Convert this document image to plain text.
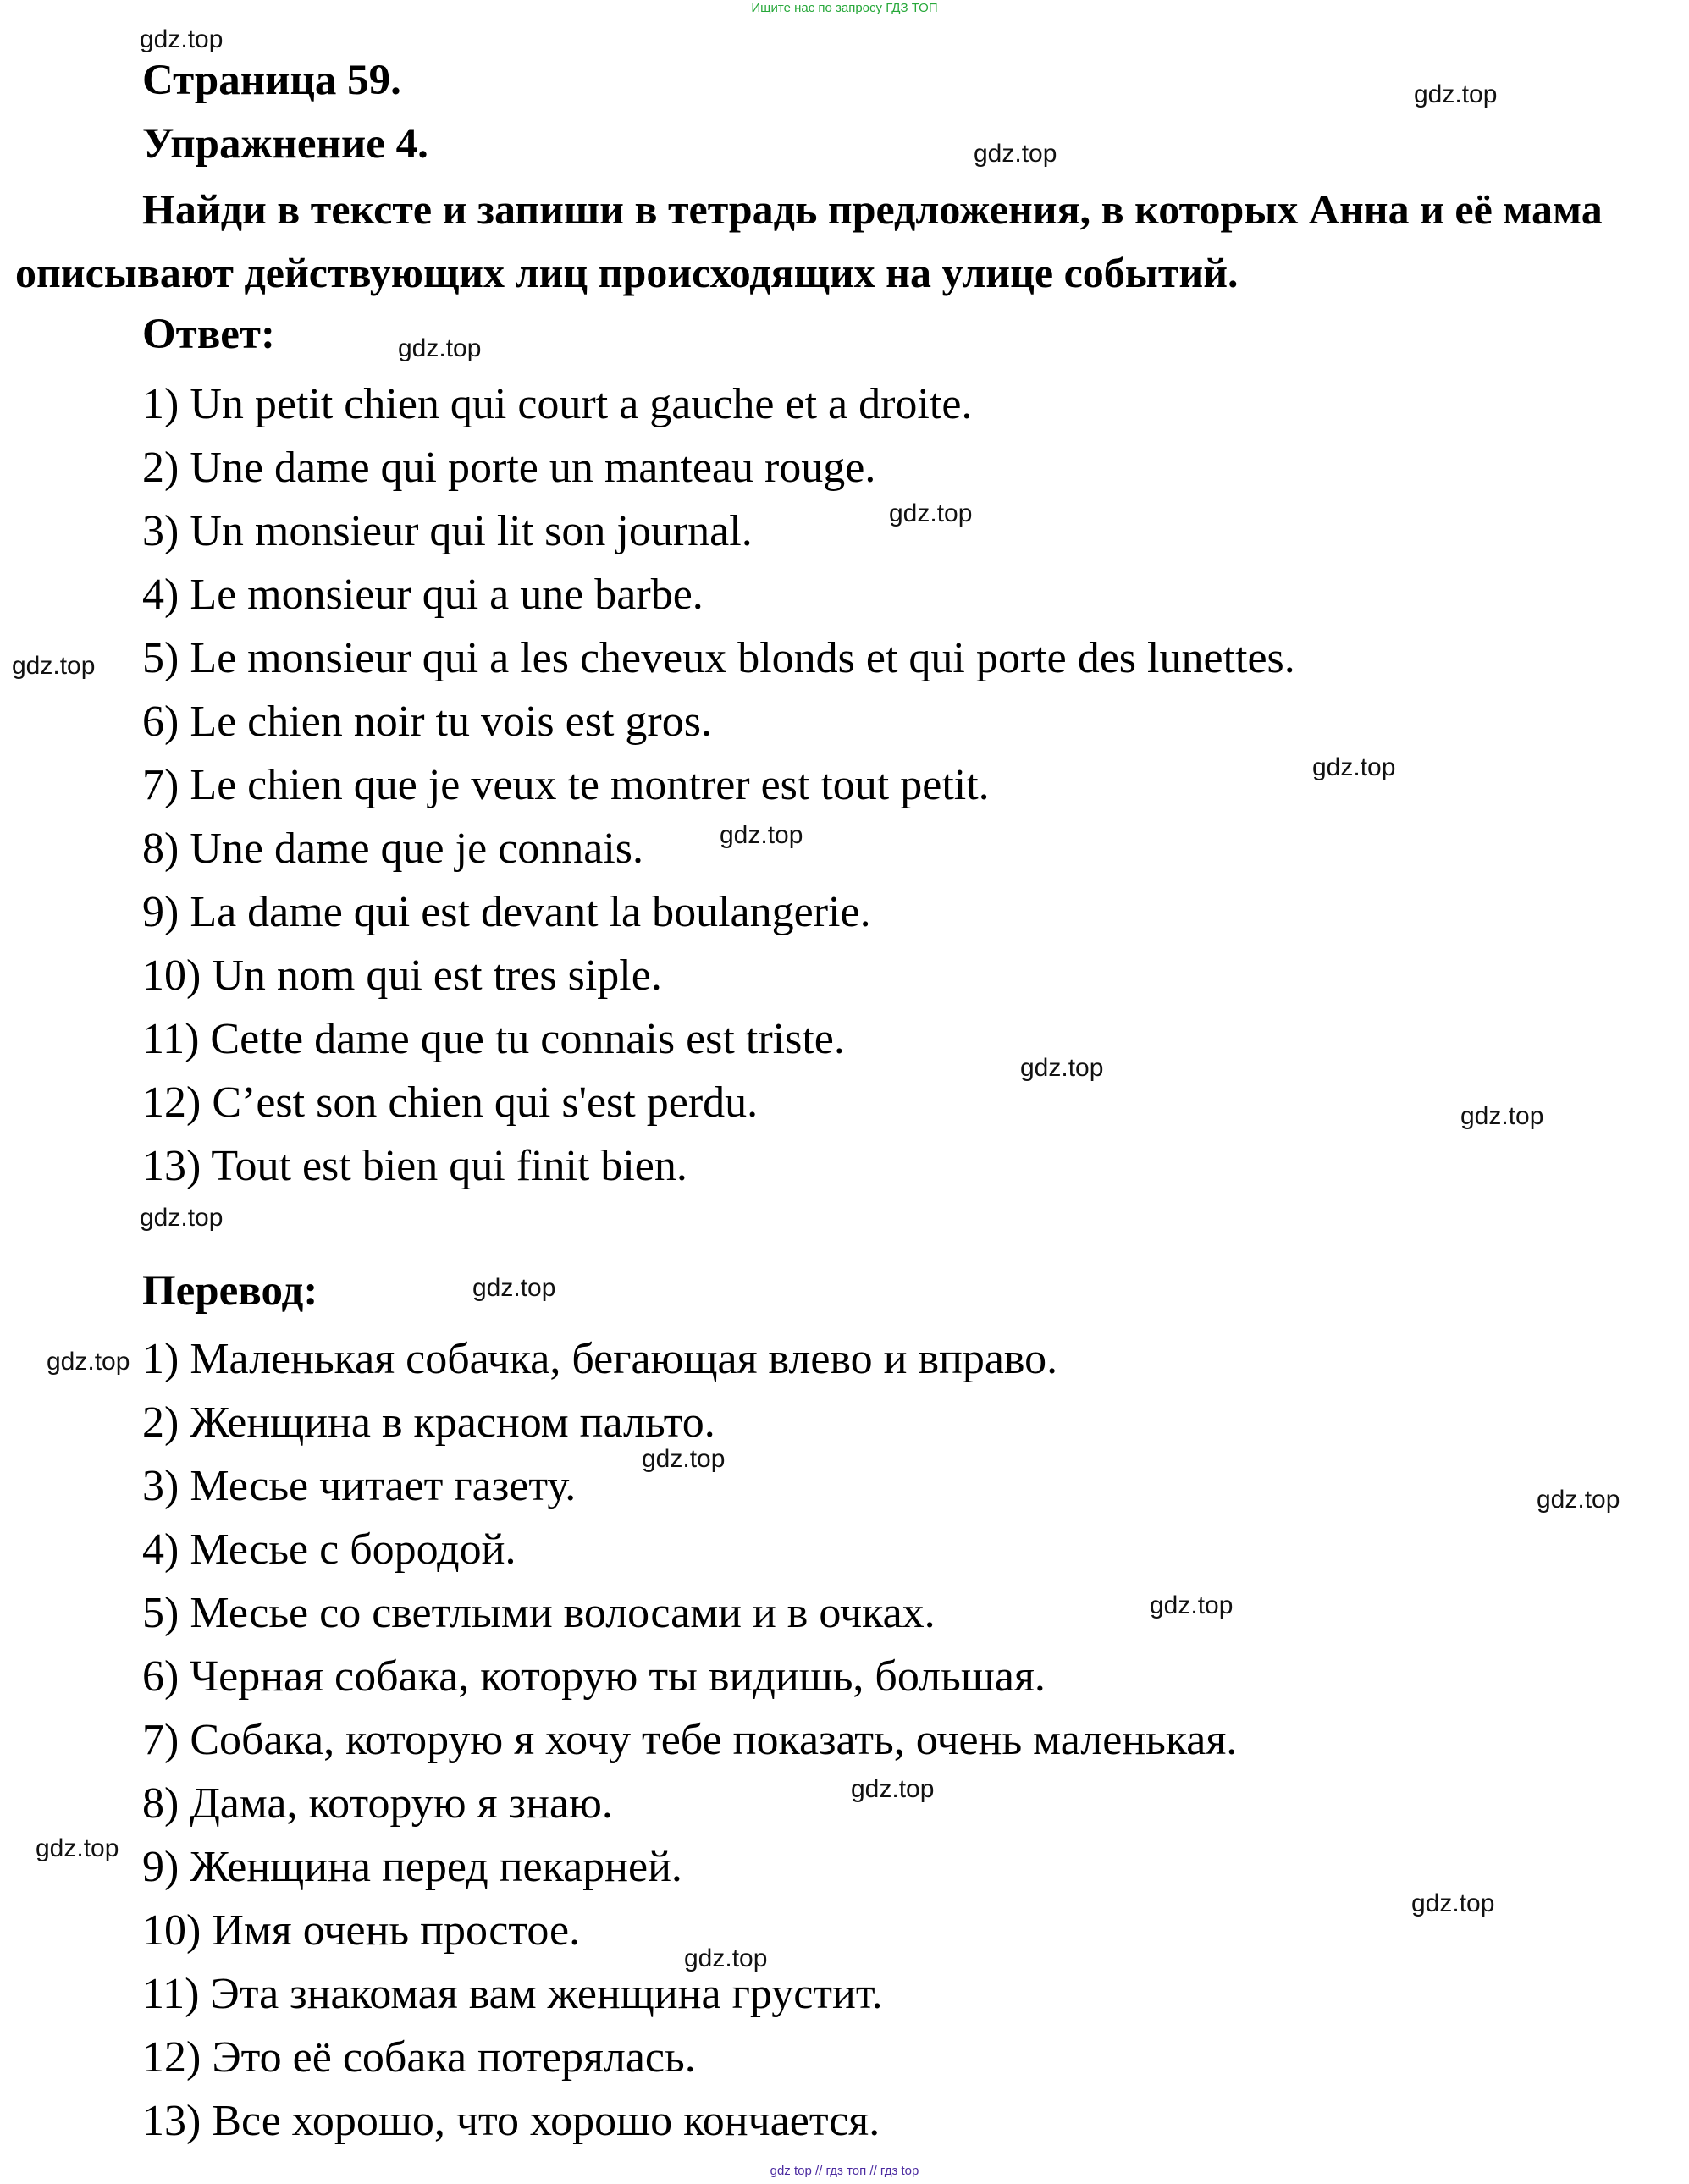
Ищите нас по запросу ГДЗ ТОП
Страница 59.
Упражнение 4.
Найди в тексте и запиши в тетрадь предложения, в которых Анна и её мама описывают действующих лиц происходящих на улице событий.
Ответ:
1) Un petit chien qui court a gauche et a droite.
2) Une dame qui porte un manteau rouge.
3) Un monsieur qui lit son journal.
4) Le monsieur qui a une barbe.
5) Le monsieur qui a les cheveux blonds et qui porte des lunettes.
6) Le chien noir tu vois est gros.
7) Le chien que je veux te montrer est tout petit.
8) Une dame que je connais.
9) La dame qui est devant la boulangerie.
10) Un nom qui est tres siple.
11) Cette dame que tu connais est triste.
12) C’est son chien qui s'est perdu.
13) Tout est bien qui finit bien.
Перевод:
1) Маленькая собачка, бегающая влево и вправо.
2) Женщина в красном пальто.
3) Месье читает газету.
4) Месье с бородой.
5) Месье со светлыми волосами и в очках.
6) Черная собака, которую ты видишь, большая.
7) Собака, которую я хочу тебе показать, очень маленькая.
8) Дама, которую я знаю.
9) Женщина перед пекарней.
10) Имя очень простое.
11) Эта знакомая вам женщина грустит.
12) Это её собака потерялась.
13) Все хорошо, что хорошо кончается.
gdz.top
gdz.top
gdz.top
gdz.top
gdz.top
gdz.top
gdz.top
gdz.top
gdz.top
gdz.top
gdz.top
gdz.top
gdz.top
gdz.top
gdz.top
gdz.top
gdz.top
gdz.top
gdz.top
gdz.top
gdz top // гдз топ // гдз top
